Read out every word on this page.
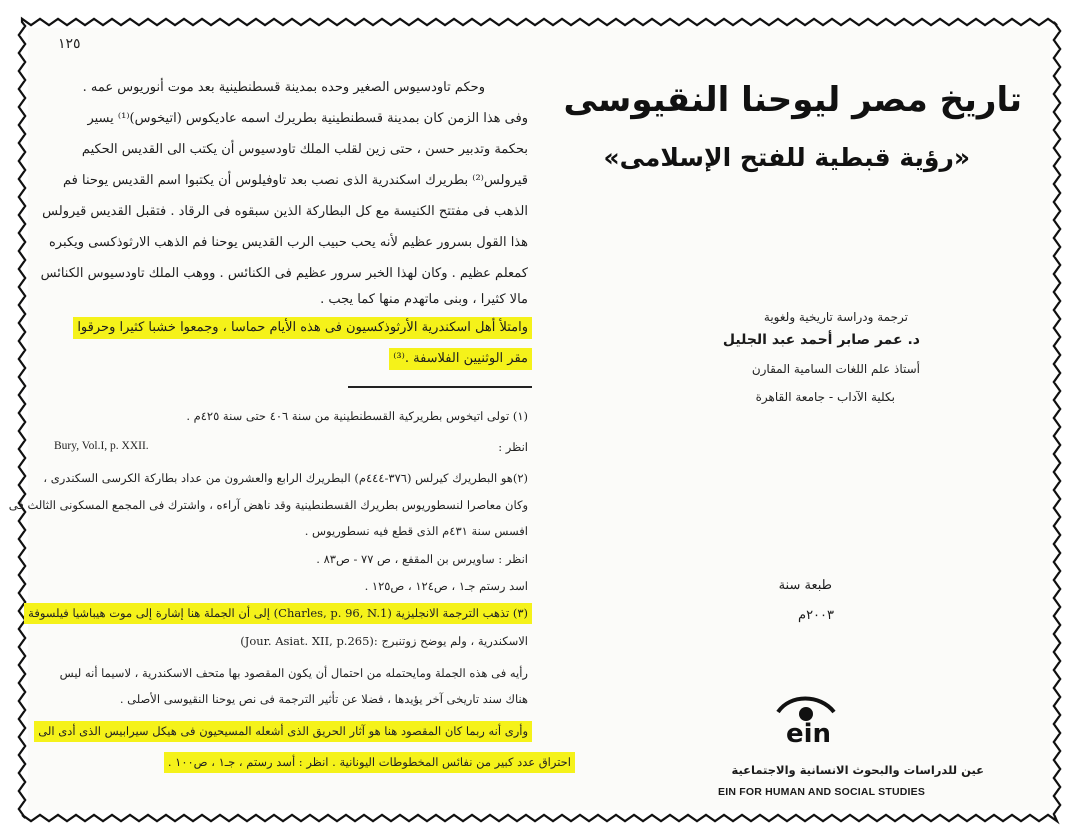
١٢٥
وحكم تاودسيوس الصغير وحده بمدينة قسطنطينية بعد موت أنوريوس عمه .
وفى هذا الزمن كان بمدينة قسطنطينية بطريرك اسمه عاديكوس (اتيخوس)⁽¹⁾ يسير
بحكمة وتدبير حسن ، حتى زين لقلب الملك تاودسيوس أن يكتب الى القديس الحكيم
قيرولس⁽²⁾ بطريرك اسكندرية الذى نصب بعد تاوفيلوس أن يكتبوا اسم القديس يوحنا فم
الذهب فى مفتتح الكنيسة مع كل البطاركة الذين سبقوه فى الرقاد . فتقبل القديس قيرولس
هذا القول بسرور عظيم لأنه يحب حبيب الرب القديس يوحنا فم الذهب الارثوذكسى ويكبره
كمعلم عظيم . وكان لهذا الخبر سرور عظيم فى الكنائس . ووهب الملك تاودسيوس الكنائس
مالا كثيرا ، وبنى ماتهدم منها كما يجب .
وامتلأ أهل اسكندرية الأرثوذكسيون فى هذه الأيام حماسا ، وجمعوا خشبا كثيرا وحرقوا
مقر الوثنيين الفلاسفة .⁽³⁾
(١) تولى اتيخوس بطريركية القسطنطينية من سنة ٤٠٦ حتى سنة ٤٢٥م .
انظر :
Bury, Vol.I, p. XXII.
(٢)هو البطريرك كيرلس (٣٧٦-٤٤٤م) البطريرك الرابع والعشرون من عداد بطاركة الكرسى السكندرى ،
وكان معاصرا لنسطوريوس بطريرك القسطنطينية وقد ناهض آراءه ، واشترك فى المجمع المسكونى الثالث فى
افسس سنة ٤٣١م الذى قطع فيه نسطوريوس .
انظر : ساويرس بن المقفع ، ص ٧٧ - ص٨٣ .
اسد رستم جـ١ ، ص١٢٤ ، ص١٢٥ .
(٣) تذهب الترجمة الانجليزية (Charles, p. 96, N.1) إلى أن الجملة هنا إشارة إلى موت هيباشيا فيلسوفة
الاسكندرية ، ولم يوضح زوتنبرج :(Jour. Asiat. XII, p.265)
رأيه فى هذه الجملة ومايحتمله من احتمال أن يكون المقصود بها متحف الاسكندرية ، لاسيما أنه ليس
هناك سند تاريخى آخر يؤيدها ، فضلا عن تأثير الترجمة فى نص يوحنا النقيوسى الأصلى .
وأرى أنه ربما كان المقصود هنا هو آثار الحريق الذى أشعله المسيحيون فى هيكل سيرابيس الذى أدى الى
احتراق عدد كبير من نفائس المخطوطات اليونانية . انظر : أسد رستم ، جـ١ ، ص١٠٠ .
تاريخ مصر ليوحنا النقيوسى
«رؤية قبطية للفتح الإسلامى»
ترجمة ودراسة تاريخية ولغوية
د. عمر صابر أحمد عبد الجليل
أستاذ علم اللغات السامية المقارن
بكلية الآداب - جامعة القاهرة
طبعة سنة
٢٠٠٣م
ein
عين للدراسات والبحوث الانسانية والاجتماعية
EIN FOR HUMAN AND SOCIAL STUDIES
